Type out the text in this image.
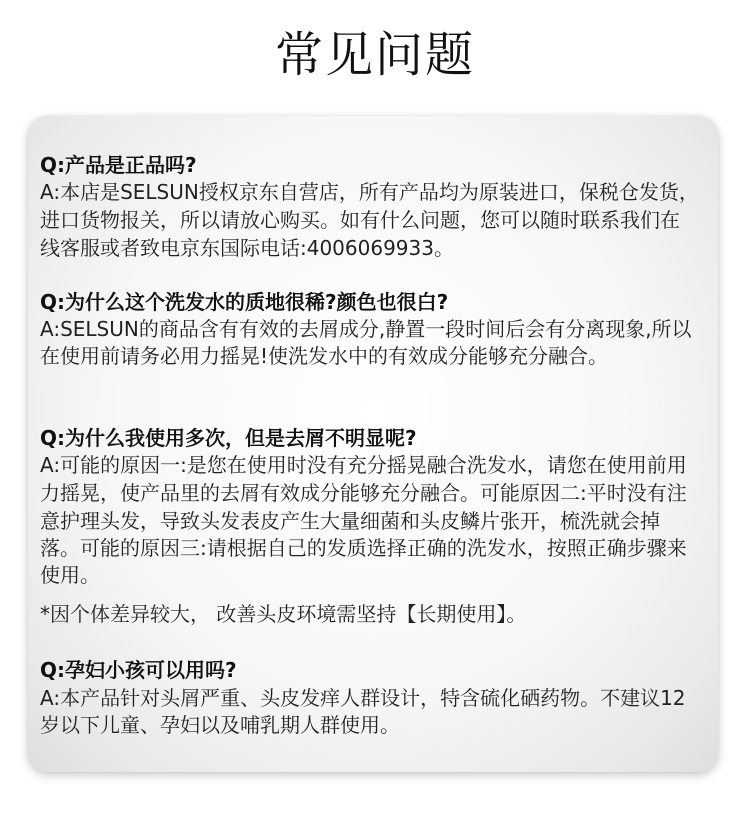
常见问题

Q:产品是正品吗?

A:本店是SELSUN授权京东自营店，所有产品均为原装进口，保税仓发货，

进口货物报关，所以请放心购买。如有什么问题，您可以随时联系我们在

线客服或者致电京东国际电话:4006069933。

Q:为什么这个洗发水的质地很稀?颜色也很白?

A:SELSUN的商品含有有效的去屑成分,静置一段时间后会有分离现象,所以

在使用前请务必用力摇晃!使洗发水中的有效成分能够充分融合。

Q:为什么我使用多次，但是去屑不明显呢?

A:可能的原因一:是您在使用时没有充分摇晃融合洗发水，请您在使用前用

力摇晃，使产品里的去屑有效成分能够充分融合。可能原因二:平时没有注

意护理头发，导致头发表皮产生大量细菌和头皮鳞片张开，梳洗就会掉

落。可能的原因三:请根据自己的发质选择正确的洗发水，按照正确步骤来

使用。

*因个体差异较大， 改善头皮环境需坚持【长期使用】。

Q:孕妇小孩可以用吗?

A:本产品针对头屑严重、头皮发痒人群设计，特含硫化硒药物。不建议12

岁以下儿童、孕妇以及哺乳期人群使用。
